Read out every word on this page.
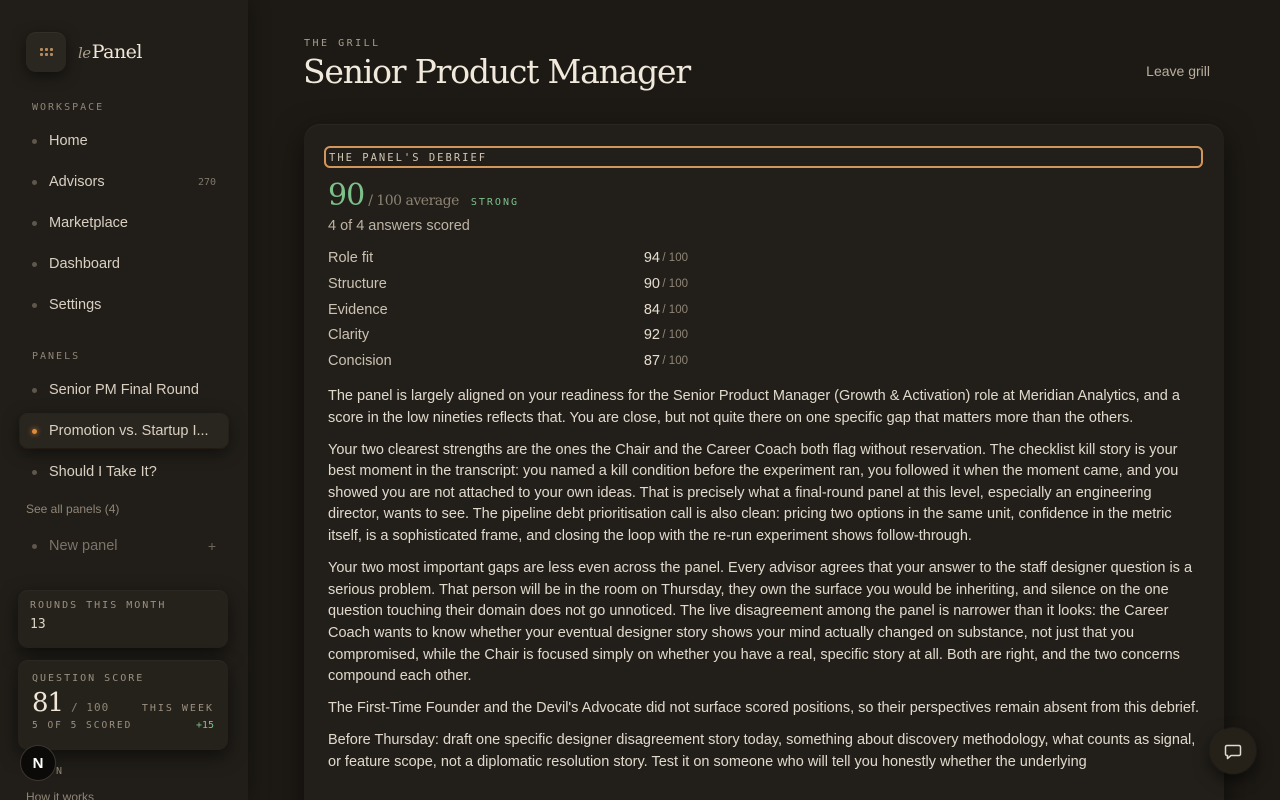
lePanel
WORKSPACE
Home
Advisors	270
Marketplace
Dashboard
Settings
PANELS
Senior PM Final Round
Promotion vs. Startup I...
Should I Take It?
See all panels (4)
New panel	+
ROUNDS THIS MONTH
13
QUESTION SCORE
81 / 100	THIS WEEK
5 OF 5 SCORED	+15
N
How it works
N
THE GRILL
Senior Product Manager	Leave grill
THE PANEL'S DEBRIEF
90 / 100 average STRONG
4 of 4 answers scored
Role fit	94 / 100
Structure	90 / 100
Evidence	84 / 100
Clarity	92 / 100
Concision	87 / 100

The panel is largely aligned on your readiness for the Senior Product Manager (Growth & Activation) role at Meridian Analytics, and a score in the low nineties reflects that. You are close, but not quite there on one specific gap that matters more than the others.

Your two clearest strengths are the ones the Chair and the Career Coach both flag without reservation. The checklist kill story is your best moment in the transcript: you named a kill condition before the experiment ran, you followed it when the moment came, and you showed you are not attached to your own ideas. That is precisely what a final-round panel at this level, especially an engineering director, wants to see. The pipeline debt prioritisation call is also clean: pricing two options in the same unit, confidence in the metric itself, is a sophisticated frame, and closing the loop with the re-run experiment shows follow-through.

Your two most important gaps are less even across the panel. Every advisor agrees that your answer to the staff designer question is a serious problem. That person will be in the room on Thursday, they own the surface you would be inheriting, and silence on the one question touching their domain does not go unnoticed. The live disagreement among the panel is narrower than it looks: the Career Coach wants to know whether your eventual designer story shows your mind actually changed on substance, not just that you compromised, while the Chair is focused simply on whether you have a real, specific story at all. Both are right, and the two concerns compound each other.

The First-Time Founder and the Devil's Advocate did not surface scored positions, so their perspectives remain absent from this debrief.

Before Thursday: draft one specific designer disagreement story today, something about discovery methodology, what counts as signal, or feature scope, not a diplomatic resolution story. Test it on someone who will tell you honestly whether the underlying
